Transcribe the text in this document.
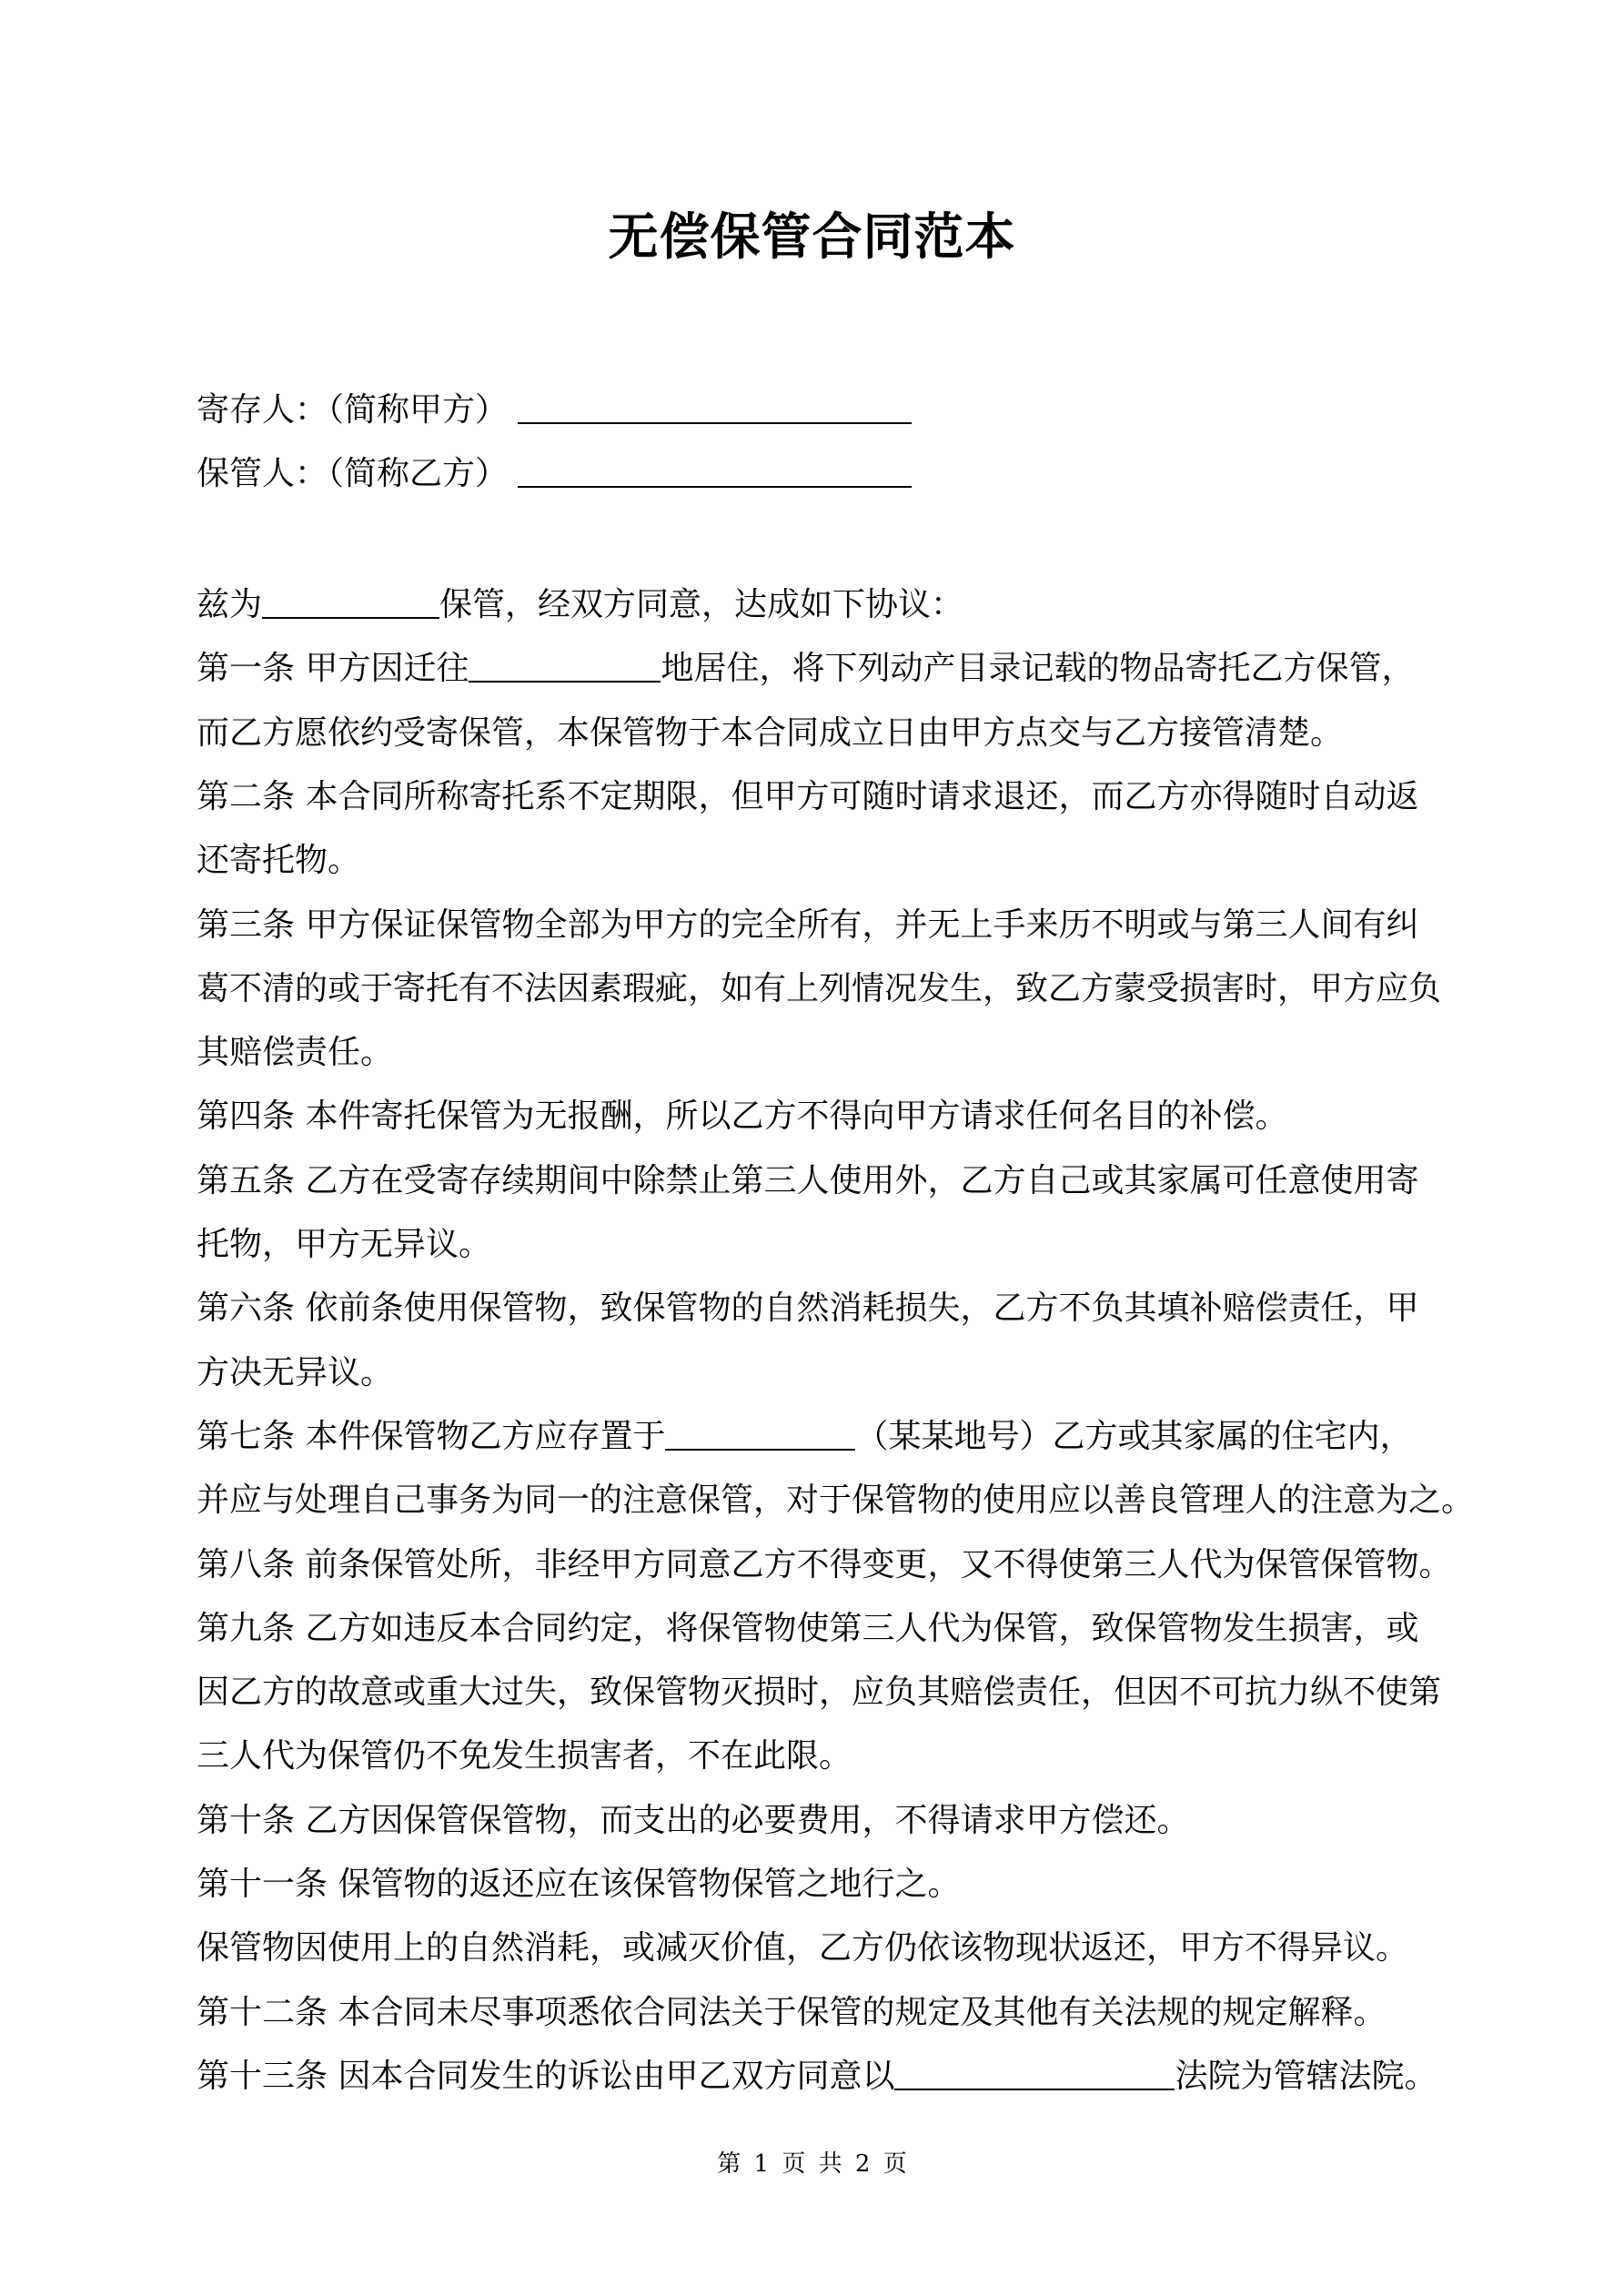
无偿保管合同范本
寄存人：（简称甲方）
保管人：（简称乙方）
兹为	保管，经双方同意，达成如下协议：
第一条 甲方因迁往	地居住，将下列动产目录记载的物品寄托乙方保管，
而乙方愿依约受寄保管，本保管物于本合同成立日由甲方点交与乙方接管清楚。
第二条 本合同所称寄托系不定期限，但甲方可随时请求退还，而乙方亦得随时自动返
还寄托物。
第三条 甲方保证保管物全部为甲方的完全所有，并无上手来历不明或与第三人间有纠
葛不清的或于寄托有不法因素瑕疵，如有上列情况发生，致乙方蒙受损害时，甲方应负
其赔偿责任。
第四条 本件寄托保管为无报酬，所以乙方不得向甲方请求任何名目的补偿。
第五条 乙方在受寄存续期间中除禁止第三人使用外，乙方自己或其家属可任意使用寄
托物，甲方无异议。
第六条 依前条使用保管物，致保管物的自然消耗损失，乙方不负其填补赔偿责任，甲
方决无异议。
第七条 本件保管物乙方应存置于	（某某地号）乙方或其家属的住宅内，
并应与处理自己事务为同一的注意保管，对于保管物的使用应以善良管理人的注意为之。
第八条 前条保管处所，非经甲方同意乙方不得变更，又不得使第三人代为保管保管物。
第九条 乙方如违反本合同约定，将保管物使第三人代为保管，致保管物发生损害，或
因乙方的故意或重大过失，致保管物灭损时，应负其赔偿责任，但因不可抗力纵不使第
三人代为保管仍不免发生损害者，不在此限。
第十条 乙方因保管保管物，而支出的必要费用，不得请求甲方偿还。
第十一条 保管物的返还应在该保管物保管之地行之。
保管物因使用上的自然消耗，或减灭价值，乙方仍依该物现状返还，甲方不得异议。
第十二条 本合同未尽事项悉依合同法关于保管的规定及其他有关法规的规定解释。
第十三条 因本合同发生的诉讼由甲乙双方同意以	法院为管辖法院。
第 1 页 共 2 页
